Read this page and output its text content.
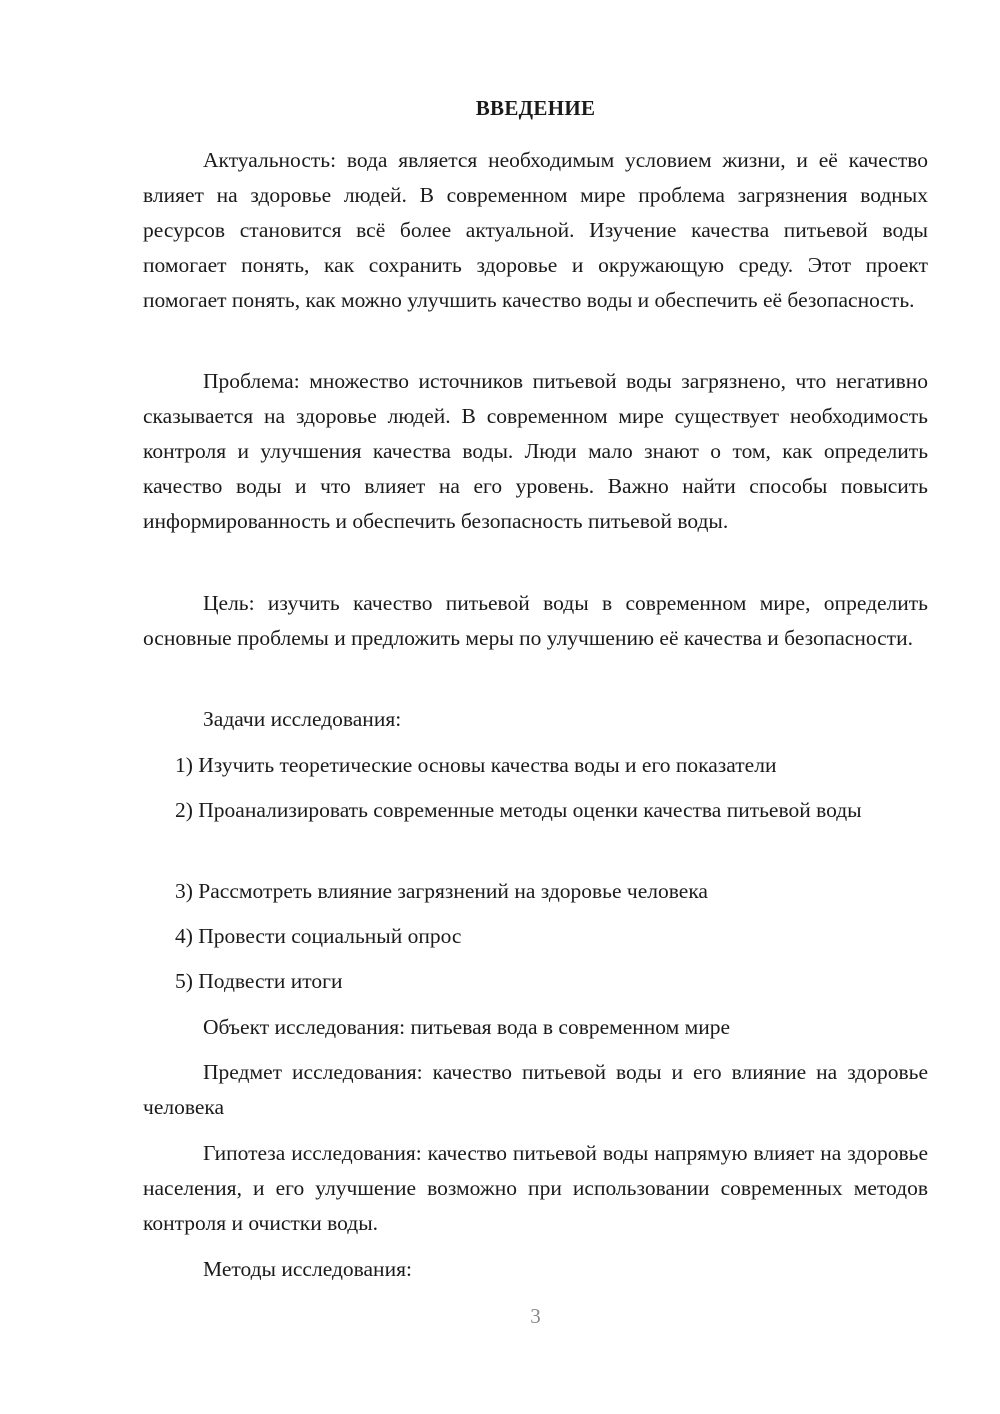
ВВЕДЕНИЕ

Актуальность: вода является необходимым условием жизни, и её качество влияет на здоровье людей. В современном мире проблема загрязнения водных ресурсов становится всё более актуальной. Изучение качества питьевой воды помогает понять, как сохранить здоровье и окружающую среду. Этот проект помогает понять, как можно улучшить качество воды и обеспечить её безопасность.

Проблема: множество источников питьевой воды загрязнено, что негативно сказывается на здоровье людей. В современном мире существует необходимость контроля и улучшения качества воды. Люди мало знают о том, как определить качество воды и что влияет на его уровень. Важно найти способы повысить информированность и обеспечить безопасность питьевой воды.

Цель: изучить качество питьевой воды в современном мире, определить основные проблемы и предложить меры по улучшению её качества и безопасности.

Задачи исследования:

1) Изучить теоретические основы качества воды и его показатели

2) Проанализировать современные методы оценки качества питьевой воды

3) Рассмотреть влияние загрязнений на здоровье человека

4) Провести социальный опрос

5) Подвести итоги

Объект исследования: питьевая вода в современном мире

Предмет исследования: качество питьевой воды и его влияние на здоровье человека

Гипотеза исследования: качество питьевой воды напрямую влияет на здоровье населения, и его улучшение возможно при использовании современных методов контроля и очистки воды.

Методы исследования:

3
